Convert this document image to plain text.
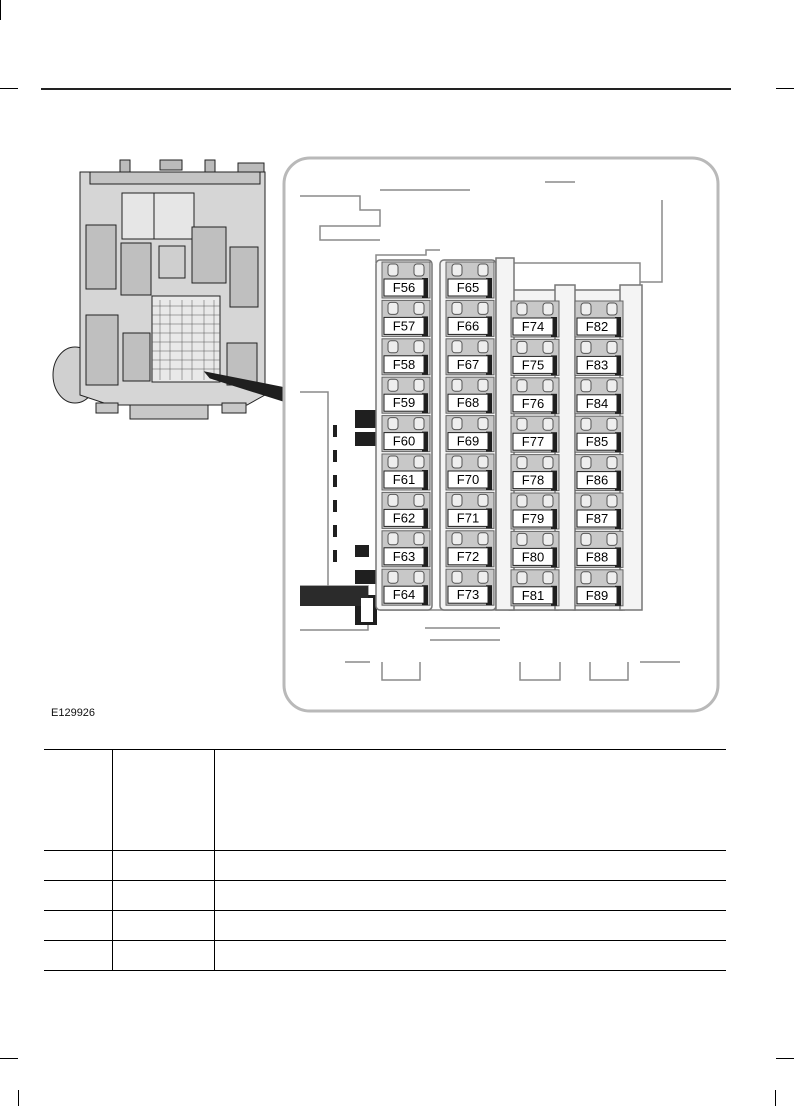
F56
F57
F58
F59
F60
F61
F62
F63
F64
F65
F66
F67
F68
F69
F70
F71
F72
F73
F74
F75
F76
F77
F78
F79
F80
F81
F82
F83
F84
F85
F86
F87
F88
F89
E129926
